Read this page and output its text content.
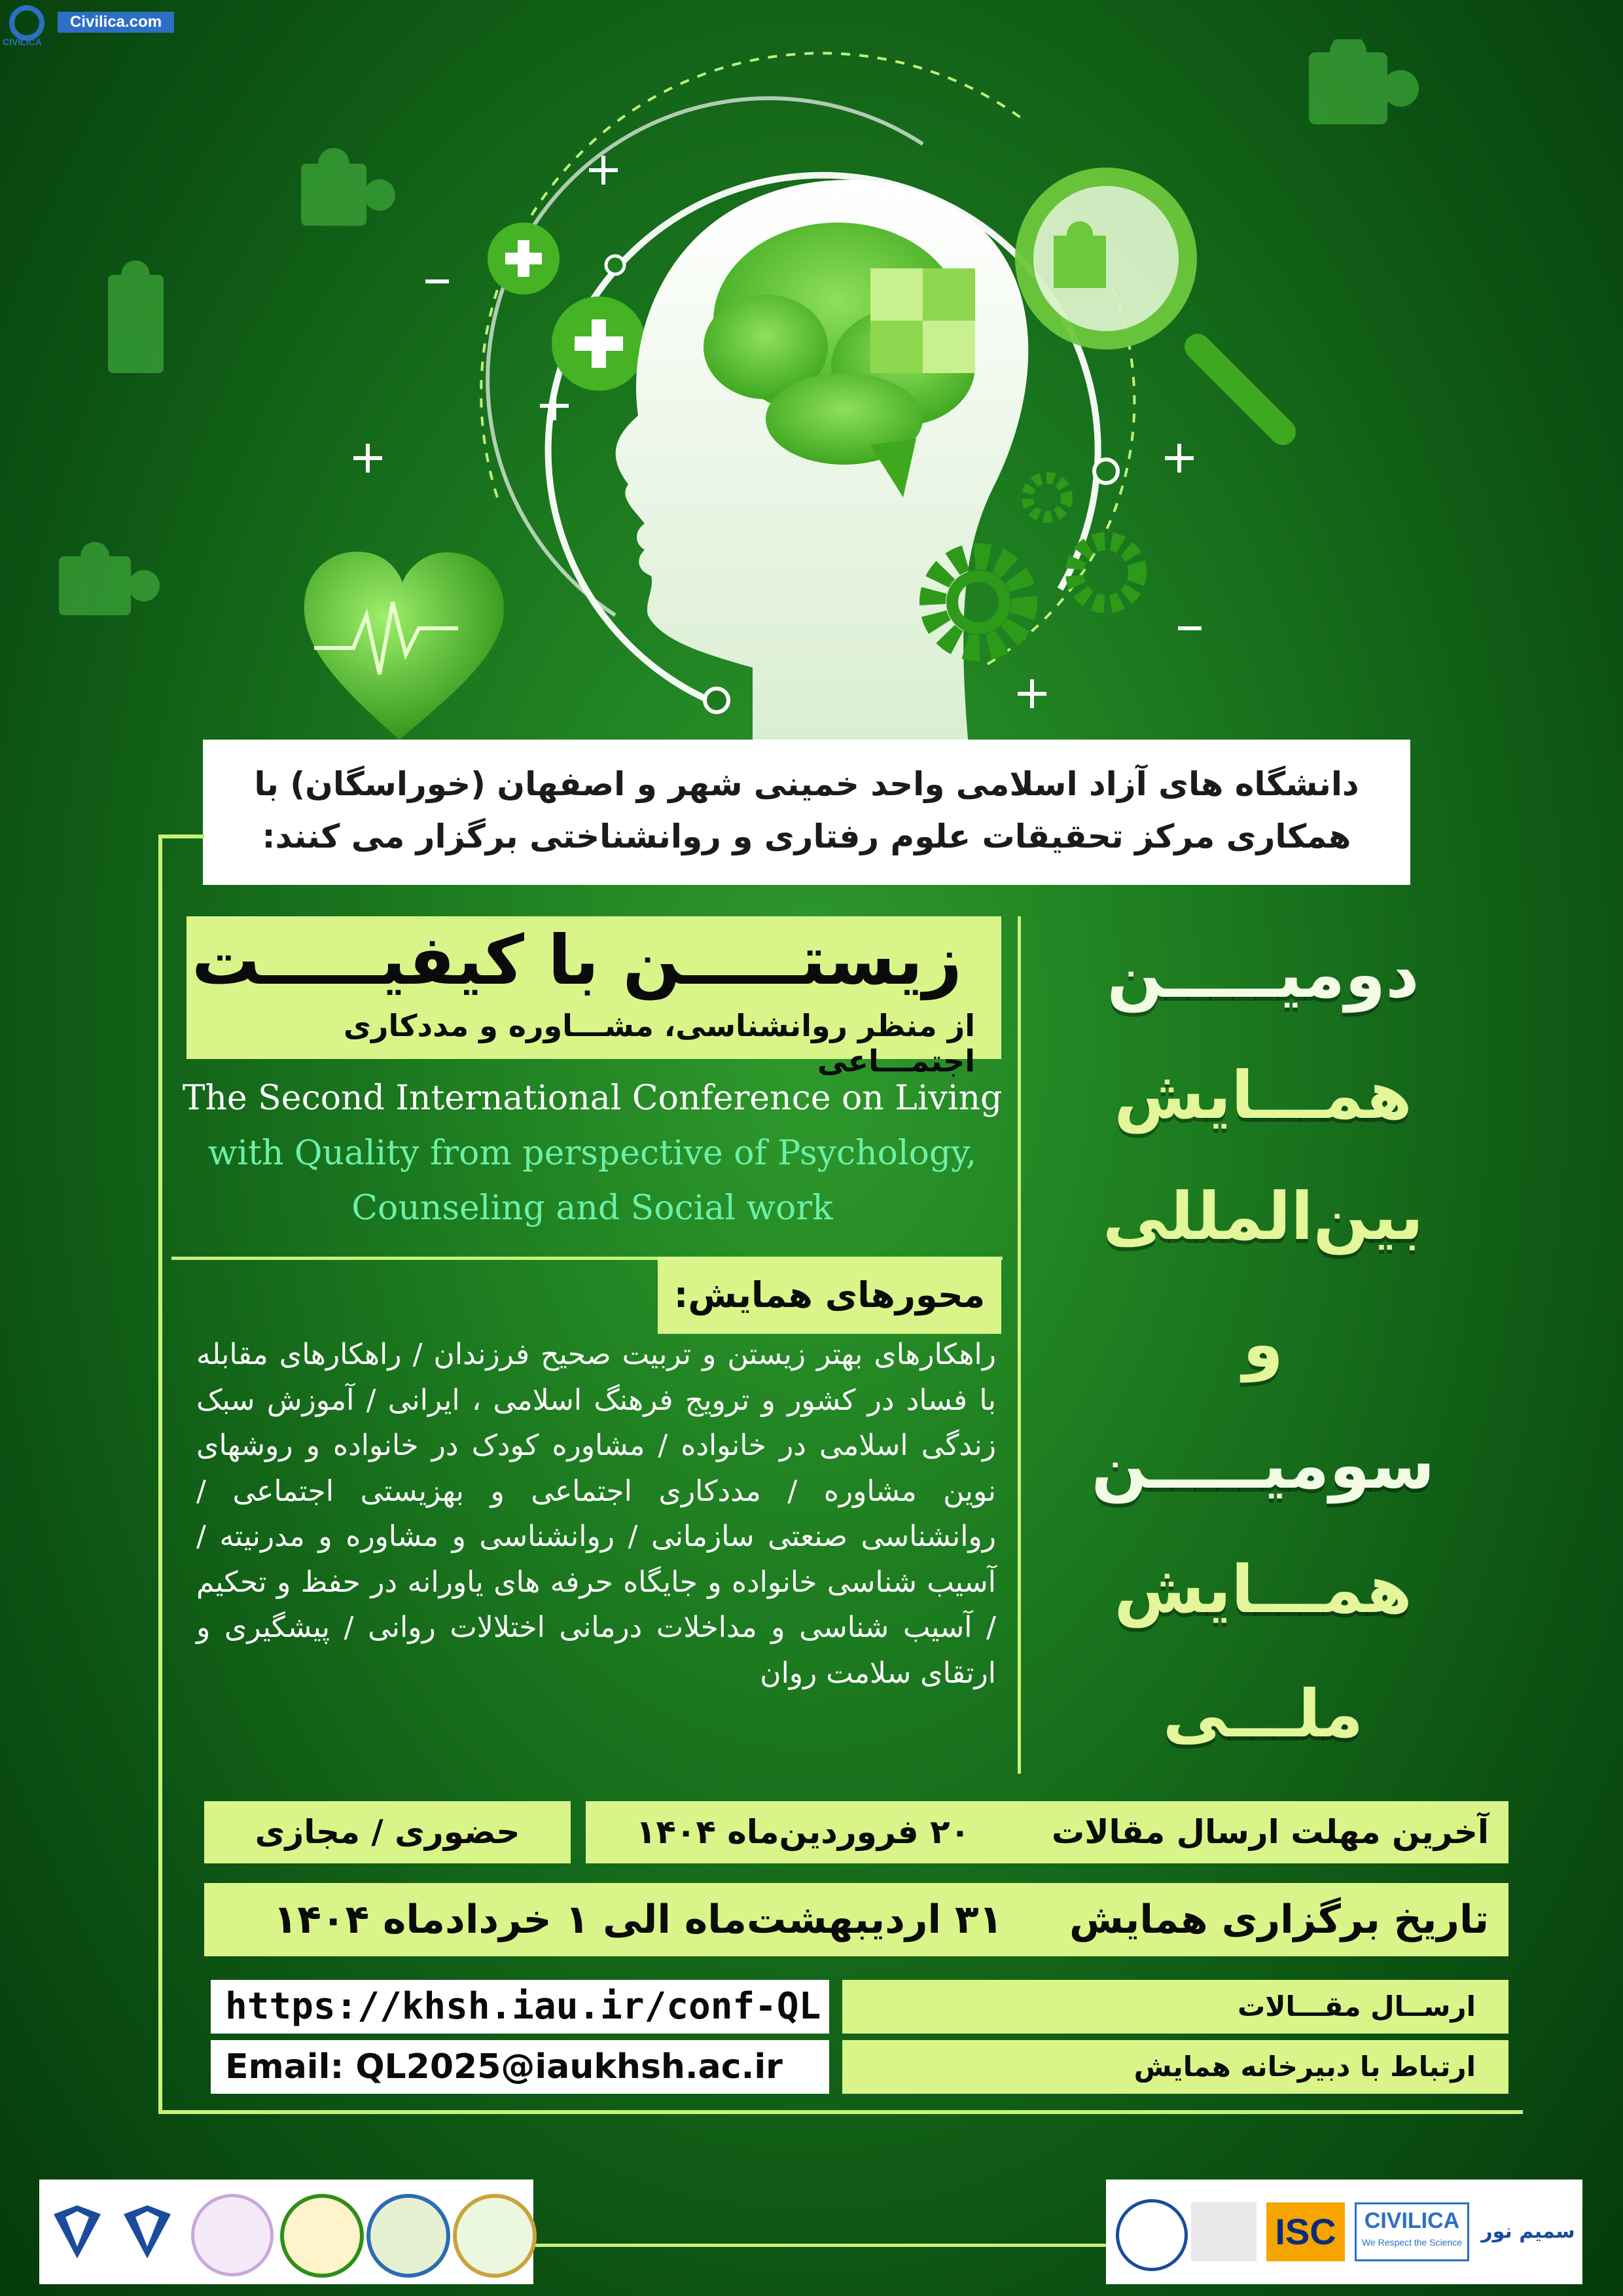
Civilica.com
CIVILICA
دانشگاه های آزاد اسلامی واحد خمینی شهر و اصفهان (خوراسگان) با
همکاری مرکز تحقیقات علوم رفتاری و روانشناختی برگزار می کنند:
زیستـــــن با کیفیـــــت
از منظر روانشناسی، مشـــاوره و مددکاری اجتمـــاعی
The Second International Conference on Living
with Quality from perspective of Psychology,
Counseling and Social work
محورهای همایش:
راهکارهای بهتر زیستن و تربیت صحیح فرزندان / راهکارهای مقابله با فساد در کشور و ترویج فرهنگ اسلامی ، ایرانی / آموزش سبک زندگی اسلامی در خانواده / مشاوره کودک در خانواده و روشهای نوین مشاوره / مددکاری اجتماعی و بهزیستی اجتماعی / روانشناسی صنعتی سازمانی / روانشناسی و مشاوره و مدرنیته / آسیب شناسی خانواده و جایگاه حرفه های یاورانه در حفظ و تحکیم / آسیب شناسی و مداخلات درمانی اختلالات روانی / پیشگیری و ارتقای سلامت روان
دومیـــــن
همـــایش
بین‌المللی
و
سومیـــــن
همـــایش
ملـــی
آخرین مهلت ارسال مقالات  ۲۰ فروردین‌ماه ۱۴۰۴
حضوری / مجازی
تاریخ برگزاری همایش  ۳۱ اردیبهشت‌ماه الی ۱ خردادماه ۱۴۰۴
ارســال مقـــالات
https://khsh.iau.ir/conf-QL
ارتباط با دبیرخانه همایش
Email: QL2025@iaukhsh.ac.ir
ISC	CIVILICA
We Respect the Science سمیم نور
